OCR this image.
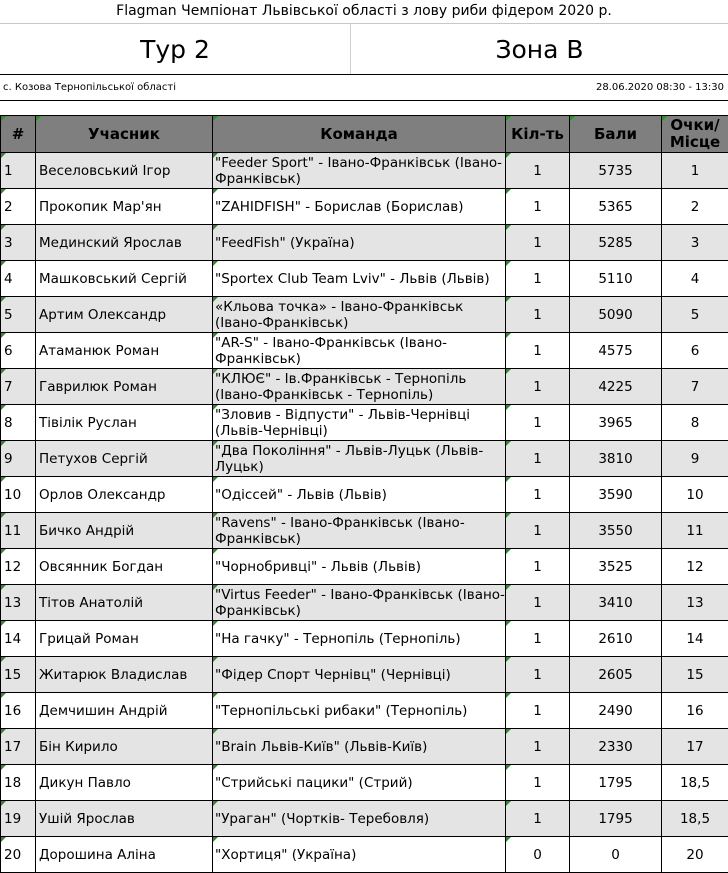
Flagman Чемпіонат Львівської області з лову риби фідером 2020 р.
Тур 2	Зона В
с. Козова Тернопільської області	28.06.2020 08:30 - 13:30
#	Учасник	Команда	Кіл-ть	Бали	Очки/
Місце

1	Веселовський Ігор	"Feeder Sport" - Івано-Франківськ (Івано-Франківськ)	1	5735	1

2	Прокопик Мар'ян	"ZAHIDFISH" - Борислав (Борислав)	1	5365	2

3	Мединский Ярослав	"FeedFish" (Україна)	1	5285	3

4	Машковський Сергій	"Sportex Club Team Lviv" - Львів (Львів)	1	5110	4

5	Артим Олександр	«Кльова точка» - Івано-Франківськ (Івано-Франківськ)	1	5090	5

6	Атаманюк Роман	"AR-S" - Івано-Франківськ (Івано-Франківськ)	1	4575	6

7	Гаврилюк Роман	"КЛЮЄ" - Ів.Франківськ - Тернопіль (Івано-Франківськ - Тернопіль)	1	4225	7

8	Тівілік Руслан	"Зловив - Відпусти" - Львів-Чернівці (Львів-Чернівці)	1	3965	8

9	Петухов Сергій	"Два Покоління" - Львів-Луцьк (Львів-Луцьк)	1	3810	9

10	Орлов Олександр	"Одіссей" - Львів (Львів)	1	3590	10

11	Бичко Андрій	"Ravens" - Івано-Франківськ (Івано-Франківськ)	1	3550	11

12	Овсянник Богдан	"Чорнобривці" - Львів (Львів)	1	3525	12

13	Тітов Анатолій	"Virtus Feeder" - Івано-Франківськ (Івано-Франківськ)	1	3410	13

14	Грицай Роман	"На гачку" - Тернопіль (Тернопіль)	1	2610	14

15	Житарюк Владислав	"Фідер Спорт Чернівц" (Чернівці)	1	2605	15

16	Демчишин Андрій	"Тернопільські рибаки" (Тернопіль)	1	2490	16

17	Бін Кирило	"Brain Львів-Київ" (Львів-Київ)	1	2330	17

18	Дикун Павло	"Стрийські пацики" (Стрий)	1	1795	18,5

19	Ушій Ярослав	"Ураган" (Чортків- Теребовля)	1	1795	18,5

20	Дорошина Аліна	"Хортиця" (Україна)	0	0	20
